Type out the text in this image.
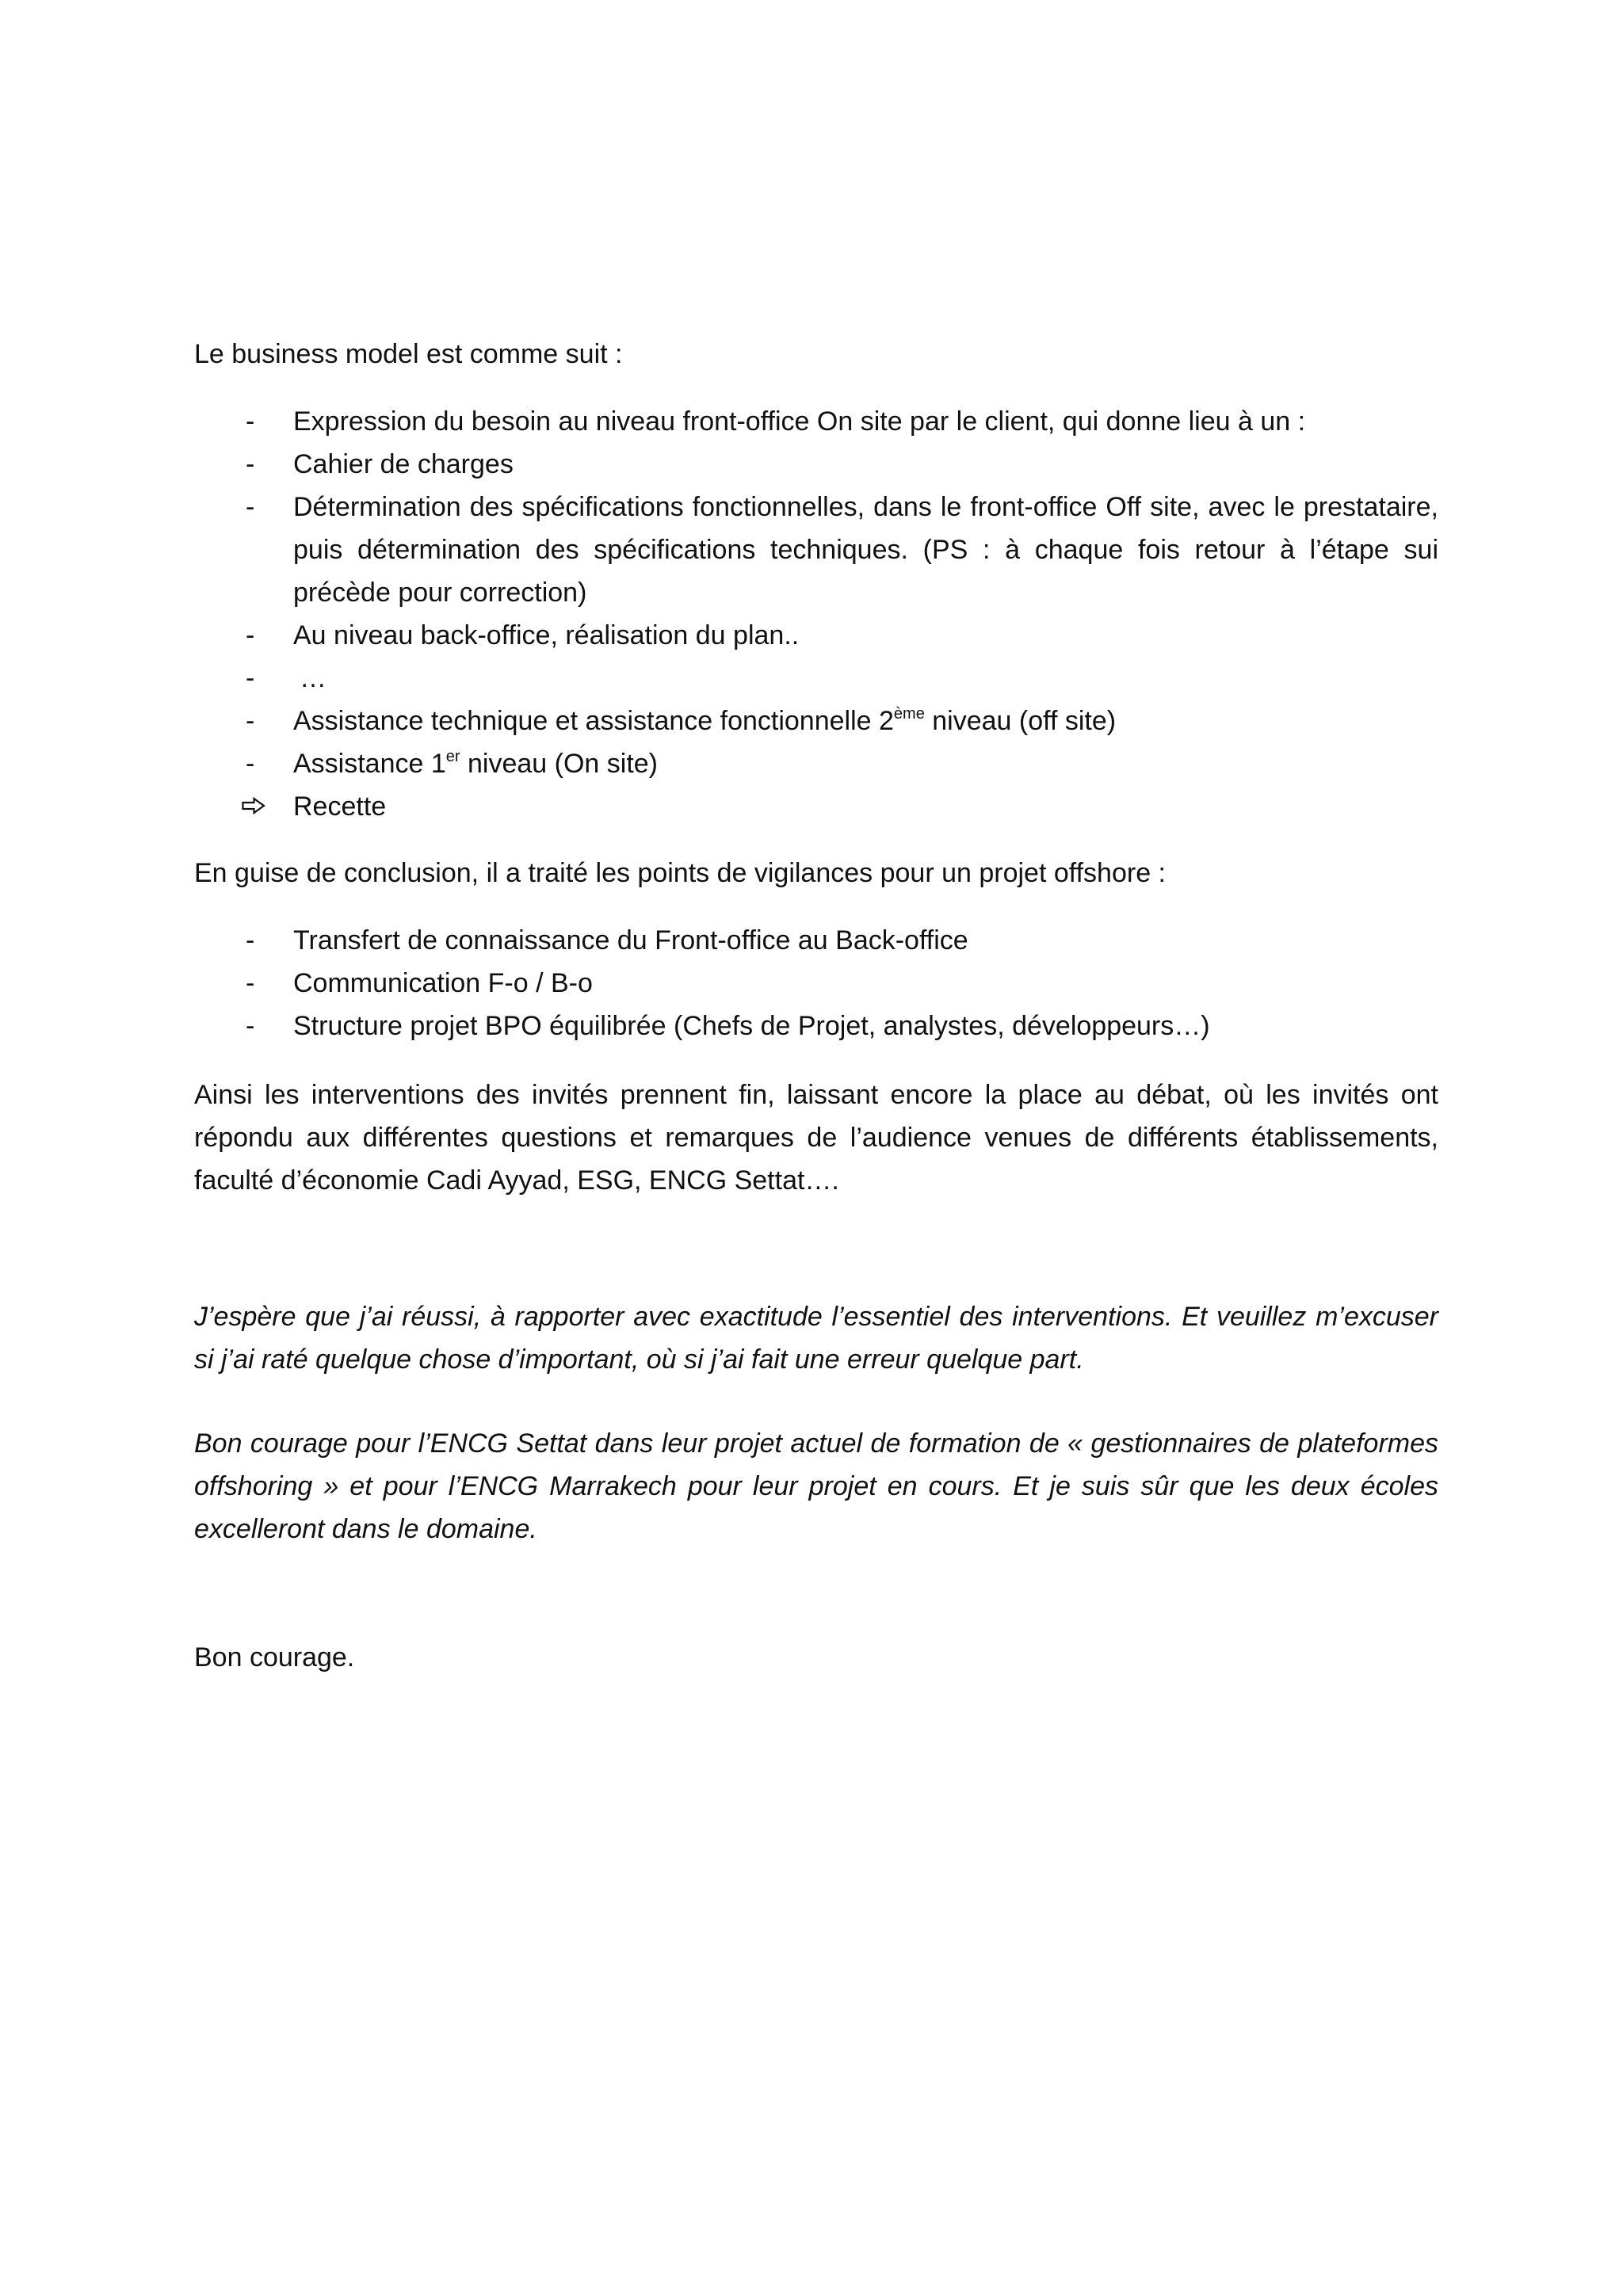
Le business model est comme suit :

-	Expression du besoin au niveau front-office On site par le client, qui donne lieu à un :
-	Cahier de charges
-	Détermination des spécifications fonctionnelles, dans le front-office Off site, avec le prestataire, puis détermination des spécifications techniques. (PS : à chaque fois retour à l’étape sui précède pour correction)
-	Au niveau back-office, réalisation du plan..
-	…
-	Assistance technique et assistance fonctionnelle 2ème niveau (off site)
-	Assistance 1er niveau (On site)
Recette

En guise de conclusion, il a traité les points de vigilances pour un projet offshore :

-	Transfert de connaissance du Front-office au Back-office
-	Communication F-o / B-o
-	Structure projet BPO équilibrée (Chefs de Projet, analystes, développeurs…)

Ainsi les interventions des invités prennent fin, laissant encore la place au débat, où les invités ont répondu aux différentes questions et remarques de l’audience venues de différents établissements, faculté d’économie Cadi Ayyad, ESG, ENCG Settat….

J’espère que j’ai réussi, à rapporter avec exactitude l’essentiel des interventions. Et veuillez m’excuser si j’ai raté quelque chose d’important, où si j’ai fait une erreur quelque part.

Bon courage pour l’ENCG Settat dans leur projet actuel de formation de « gestionnaires de plateformes offshoring » et pour l’ENCG Marrakech pour leur projet en cours. Et je suis sûr que les deux écoles excelleront dans le domaine.

Bon courage.
